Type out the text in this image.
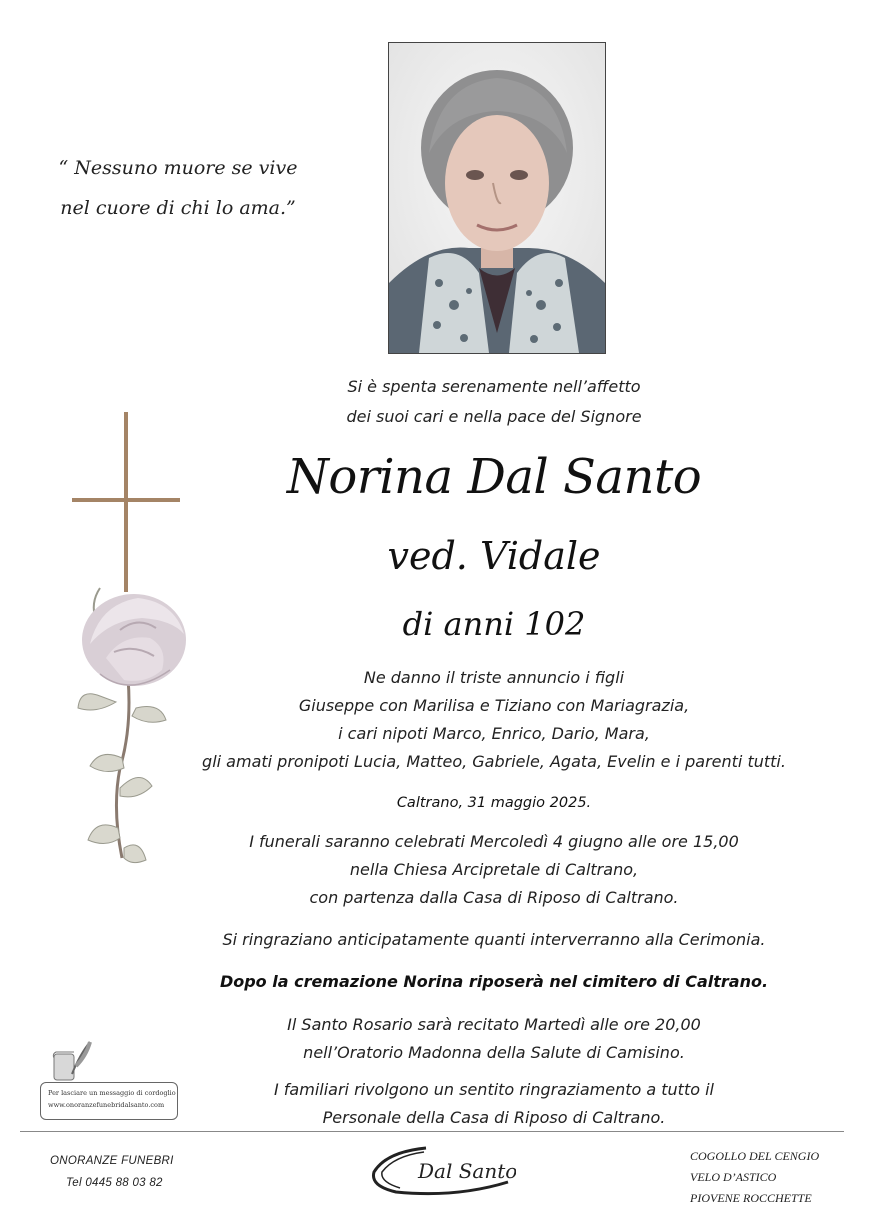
“ Nessuno muore se vive
nel cuore di chi lo ama.”
Si è spenta serenamente nell’affetto
dei suoi cari e nella pace del Signore
Norina Dal Santo
ved. Vidale
di anni 102
Ne danno il triste annuncio i figli
Giuseppe con Marilisa e Tiziano con Mariagrazia,
i cari nipoti Marco, Enrico, Dario, Mara,
gli amati pronipoti Lucia, Matteo, Gabriele, Agata, Evelin e i parenti tutti.
Caltrano, 31 maggio 2025.
I funerali saranno celebrati Mercoledì 4 giugno alle ore 15,00
nella Chiesa Arcipretale di Caltrano,
con partenza dalla Casa di Riposo di Caltrano.
Si ringraziano anticipatamente quanti interverranno alla Cerimonia.
Dopo la cremazione Norina riposerà nel cimitero di Caltrano.
Il Santo Rosario sarà recitato Martedì alle ore 20,00
nell’Oratorio Madonna della Salute di Camisino.
I familiari rivolgono un sentito ringraziamento a tutto il
Personale della Casa di Riposo di Caltrano.
Per lasciare un messaggio di cordoglio
www.onoranzefunebridalsanto.com
ONORANZE FUNEBRI
Tel 0445 88 03 82	Dal Santo
COGOLLO DEL CENGIO
VELO D’ASTICO
PIOVENE ROCCHETTE
